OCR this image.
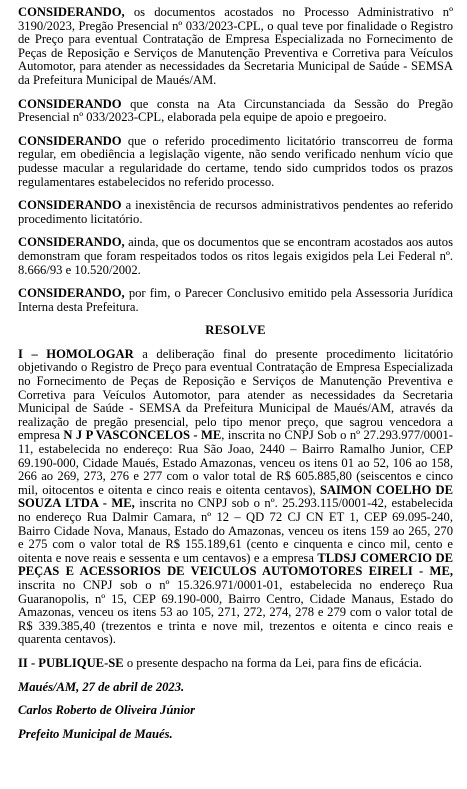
CONSIDERANDO, os documentos acostados no Processo Administrativo nº 3190/2023, Pregão Presencial nº 033/2023-CPL, o qual teve por finalidade o Registro de Preço para eventual Contratação de Empresa Especializada no Fornecimento de Peças de Reposição e Serviços de Manutenção Preventiva e Corretiva para Veículos Automotor, para atender as necessidades da Secretaria Municipal de Saúde - SEMSA da Prefeitura Municipal de Maués/AM.

CONSIDERANDO que consta na Ata Circunstanciada da Sessão do Pregão Presencial nº 033/2023-CPL, elaborada pela equipe de apoio e pregoeiro.

CONSIDERANDO que o referido procedimento licitatório transcorreu de forma regular, em obediência a legislação vigente, não sendo verificado nenhum vício que pudesse macular a regularidade do certame, tendo sido cumpridos todos os prazos regulamentares estabelecidos no referido processo.

CONSIDERANDO a inexistência de recursos administrativos pendentes ao referido procedimento licitatório.

CONSIDERANDO, ainda, que os documentos que se encontram acostados aos autos demonstram que foram respeitados todos os ritos legais exigidos pela Lei Federal nº. 8.666/93 e 10.520/2002.

CONSIDERANDO, por fim, o Parecer Conclusivo emitido pela Assessoria Jurídica Interna desta Prefeitura.

RESOLVE

I – HOMOLOGAR a deliberação final do presente procedimento licitatório objetivando o Registro de Preço para eventual Contratação de Empresa Especializada no Fornecimento de Peças de Reposição e Serviços de Manutenção Preventiva e Corretiva para Veículos Automotor, para atender as necessidades da Secretaria Municipal de Saúde - SEMSA da Prefeitura Municipal de Maués/AM, através da realização de pregão presencial, pelo tipo menor preço, que sagrou vencedora a empresa N J P VASCONCELOS - ME, inscrita no CNPJ Sob o nº 27.293.977/0001-11, estabelecida no endereço: Rua São Joao, 2440 – Bairro Ramalho Junior, CEP 69.190-000, Cidade Maués, Estado Amazonas, venceu os itens 01 ao 52, 106 ao 158, 266 ao 269, 273, 276 e 277 com o valor total de R$ 605.885,80 (seiscentos e cinco mil, oitocentos e oitenta e cinco reais e oitenta centavos), SAIMON COELHO DE SOUZA LTDA - ME, inscrita no CNPJ sob o nº. 25.293.115/0001-42, estabelecida no endereço Rua Dalmir Camara, nº 12 – QD 72 CJ CN ET 1, CEP 69.095-240, Bairro Cidade Nova, Manaus, Estado do Amazonas, venceu os itens 159 ao 265, 270 e 275 com o valor total de R$ 155.189,61 (cento e cinquenta e cinco mil, cento e oitenta e nove reais e sessenta e um centavos) e a empresa TLDSJ COMERCIO DE PEÇAS E ACESSORIOS DE VEICULOS AUTOMOTORES EIRELI - ME, inscrita no CNPJ sob o nº 15.326.971/0001-01, estabelecida no endereço Rua Guaranopolis, nº 15, CEP 69.190-000, Bairro Centro, Cidade Manaus, Estado do Amazonas, venceu os itens 53 ao 105, 271, 272, 274, 278 e 279 com o valor total de R$ 339.385,40 (trezentos e trinta e nove mil, trezentos e oitenta e cinco reais e quarenta centavos).

II - PUBLIQUE-SE o presente despacho na forma da Lei, para fins de eficácia.

Maués/AM, 27 de abril de 2023.

Carlos Roberto de Oliveira Júnior

Prefeito Municipal de Maués.
